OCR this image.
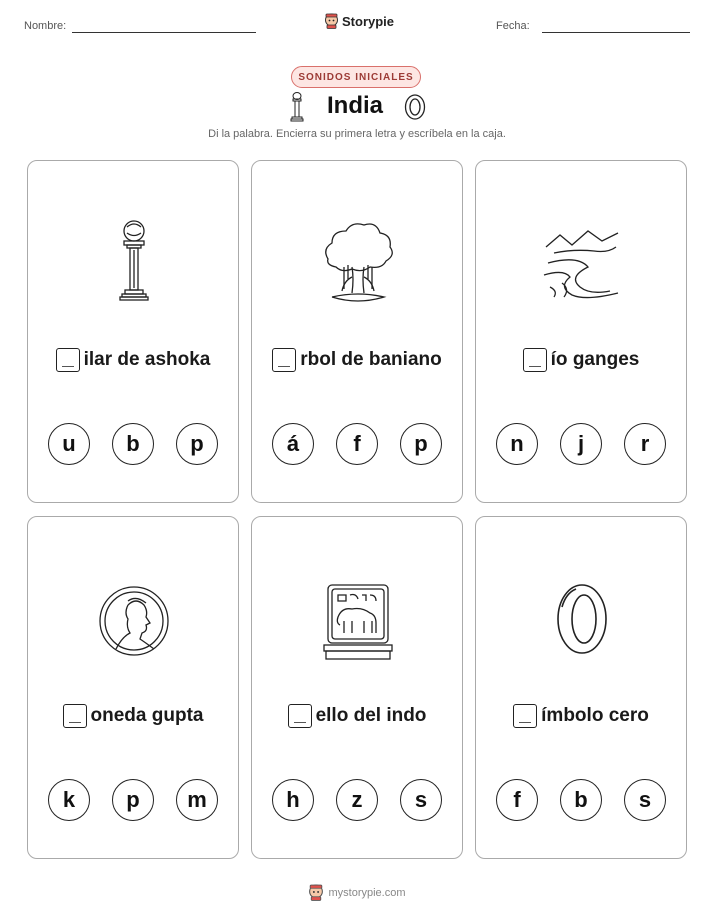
Nombre:	Storypie	Fecha:
SONIDOS INICIALES
India
Di la palabra. Encierra su primera letra y escríbela en la caja.
ilar de ashoka
u	b	p
rbol de baniano
á	f	p
ío ganges
n	j	r
oneda gupta
k	p	m
ello del indo
h	z	s
ímbolo cero
f	b	s
mystorypie.com
